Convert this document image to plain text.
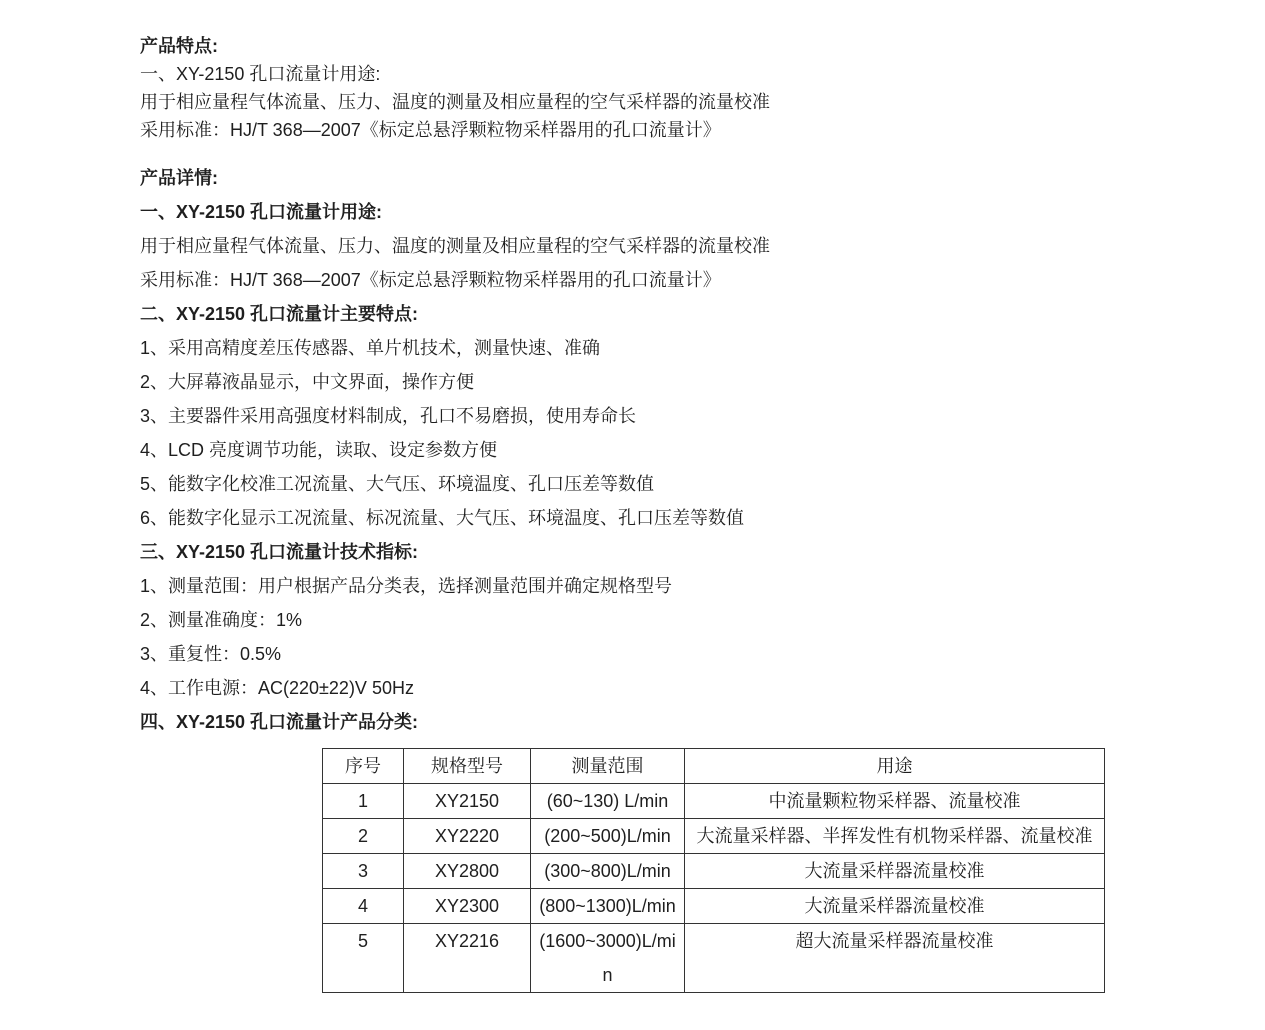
产品特点:

一、XY-2150 孔口流量计用途:

用于相应量程气体流量、压力、温度的测量及相应量程的空气采样器的流量校准

采用标准：HJ/T 368—2007《标定总悬浮颗粒物采样器用的孔口流量计》

产品详情:

一、XY-2150 孔口流量计用途:

用于相应量程气体流量、压力、温度的测量及相应量程的空气采样器的流量校准

采用标准：HJ/T 368—2007《标定总悬浮颗粒物采样器用的孔口流量计》

二、XY-2150 孔口流量计主要特点:

1、采用高精度差压传感器、单片机技术，测量快速、准确

2、大屏幕液晶显示，中文界面，操作方便

3、主要器件采用高强度材料制成，孔口不易磨损，使用寿命长

4、LCD 亮度调节功能，读取、设定参数方便

5、能数字化校准工况流量、大气压、环境温度、孔口压差等数值

6、能数字化显示工况流量、标况流量、大气压、环境温度、孔口压差等数值

三、XY-2150 孔口流量计技术指标:

1、测量范围：用户根据产品分类表，选择测量范围并确定规格型号

2、测量准确度：1%

3、重复性：0.5%

4、工作电源：AC(220±22)V 50Hz

四、XY-2150 孔口流量计产品分类:

序号	规格型号	测量范围	用途
1	XY2150	(60~130) L/min	中流量颗粒物采样器、流量校准
2	XY2220	(200~500)L/min	大流量采样器、半挥发性有机物采样器、流量校准
3	XY2800	(300~800)L/min	大流量采样器流量校准
4	XY2300	(800~1300)L/min	大流量采样器流量校准
5	XY2216	(1600~3000)L/min	超大流量采样器流量校准
